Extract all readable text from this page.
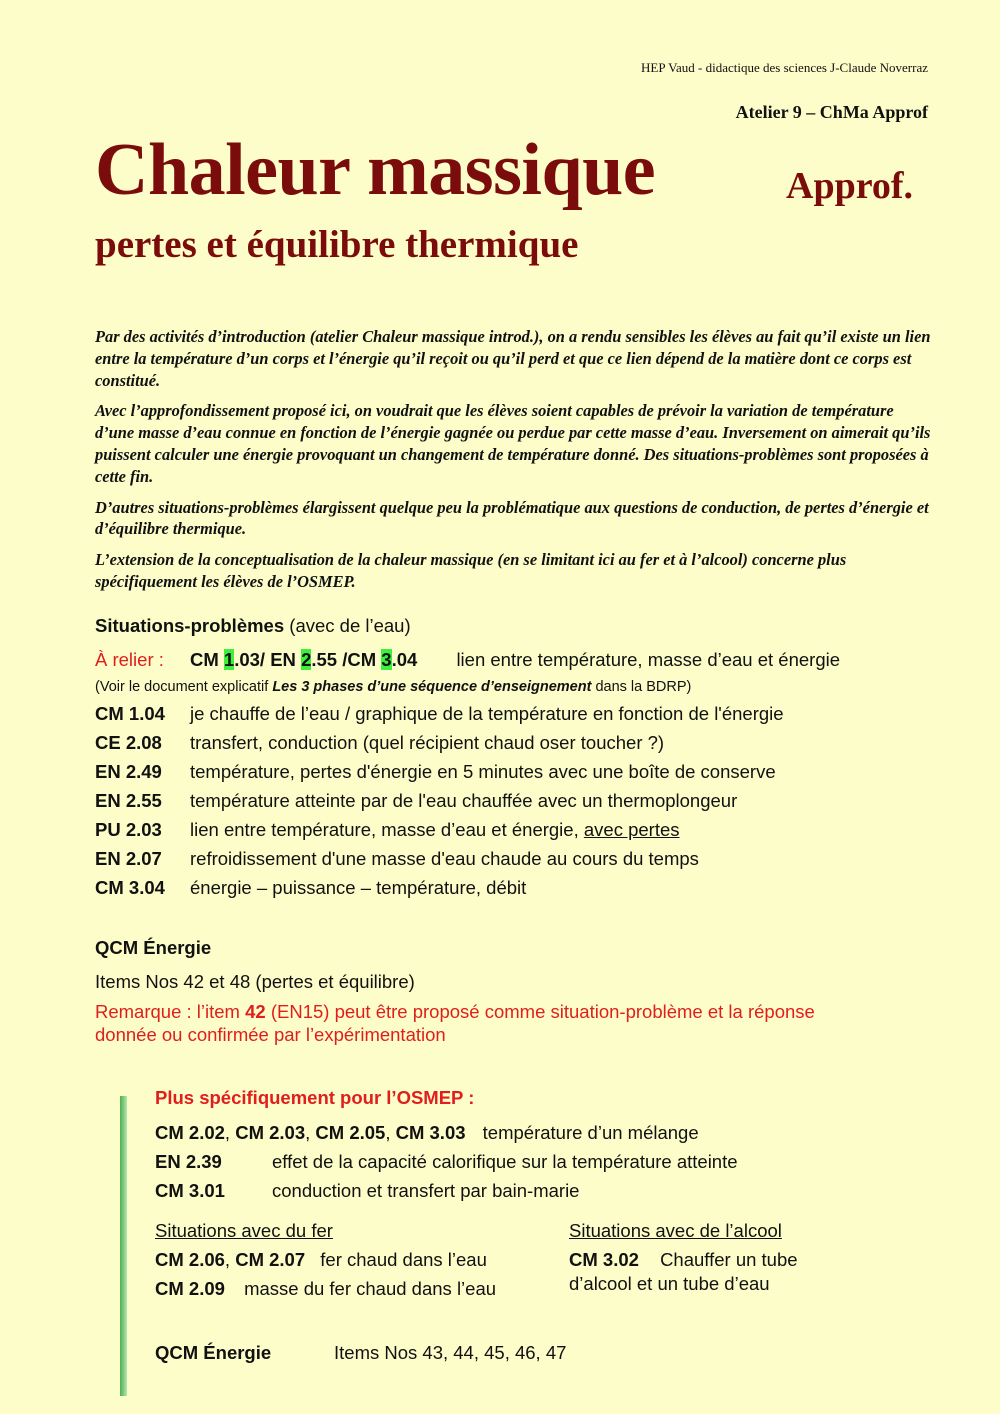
HEP Vaud - didactique des sciences J-Claude Noverraz
Atelier 9 – ChMa Approf
Chaleur massique	Approf.
pertes et équilibre thermique

Par des activités d’introduction (atelier Chaleur massique introd.), on a rendu sensibles les élèves au fait qu’il existe un lien entre la température d’un corps et l’énergie qu’il reçoit ou qu’il perd et que ce lien dépend de la matière dont ce corps est constitué.

Avec l’approfondissement proposé ici, on voudrait que les élèves soient capables de prévoir la variation de température d’une masse d’eau connue en fonction de l’énergie gagnée ou perdue par cette masse d’eau. Inversement on aimerait qu’ils puissent calculer une énergie provoquant un changement de température donné. Des situations-problèmes sont proposées à cette fin.

D’autres situations-problèmes élargissent quelque peu la problématique aux questions de conduction, de pertes d’énergie et d’équilibre thermique.

L’extension de la conceptualisation de la chaleur massique (en se limitant ici au fer et à l’alcool) concerne plus spécifiquement les élèves de l’OSMEP.

Situations-problèmes (avec de l’eau)
À relier : CM 1.03/ EN 2.55 /CM 3.04 lien entre température, masse d’eau et énergie
(Voir le document explicatif Les 3 phases d’une séquence d’enseignement dans la BDRP)
CM 1.04 je chauffe de l’eau / graphique de la température en fonction de l'énergie
CE 2.08 transfert, conduction (quel récipient chaud oser toucher ?)
EN 2.49 température, pertes d'énergie en 5 minutes avec une boîte de conserve
EN 2.55 température atteinte par de l'eau chauffée avec un thermoplongeur
PU 2.03 lien entre température, masse d’eau et énergie, avec pertes
EN 2.07 refroidissement d'une masse d'eau chaude au cours du temps
CM 3.04 énergie – puissance – température, débit
QCM Énergie
Items Nos 42 et 48 (pertes et équilibre)
Remarque : l’item 42 (EN15) peut être proposé comme situation-problème et la réponse
donnée ou confirmée par l’expérimentation
Plus spécifiquement pour l’OSMEP :
CM 2.02, CM 2.03, CM 2.05, CM 3.03 température d’un mélange
EN 2.39	effet de la capacité calorifique sur la température atteinte
CM 3.01	conduction et transfert par bain-marie
Situations avec du fer
CM 2.06, CM 2.07 fer chaud dans l’eau
CM 2.09 masse du fer chaud dans l’eau
Situations avec de l’alcool
CM 3.02 Chauffer un tube
d’alcool et un tube d’eau
QCM Énergie	Items Nos 43, 44, 45, 46, 47
